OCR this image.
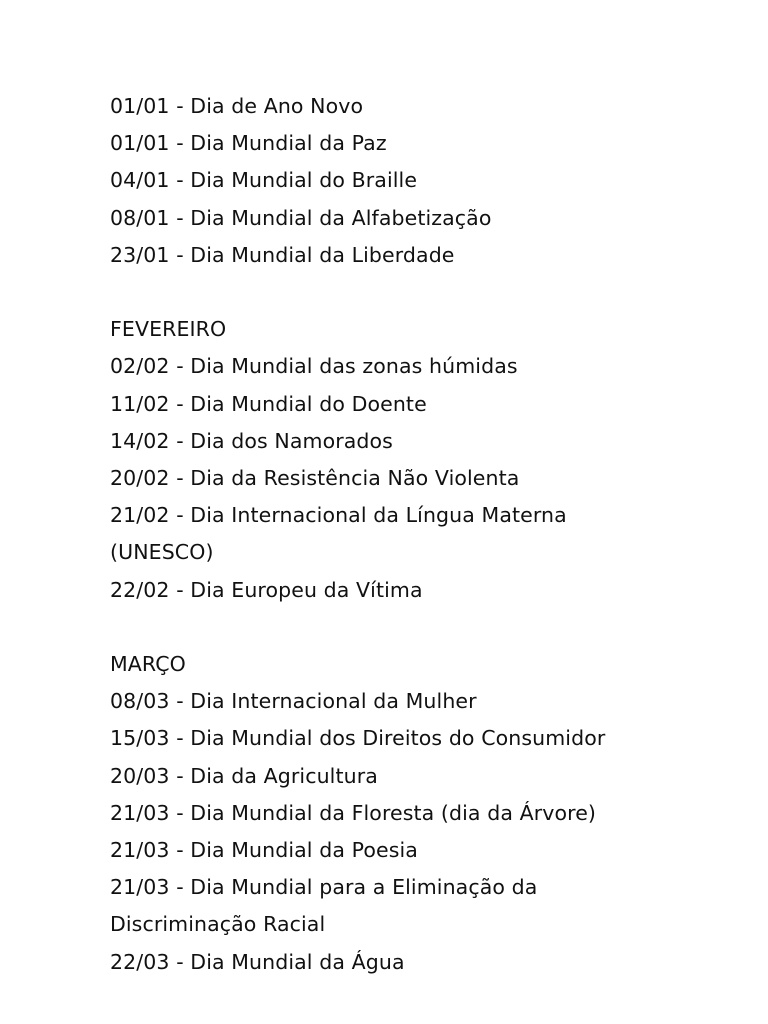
01/01 - Dia de Ano Novo
01/01 - Dia Mundial da Paz
04/01 - Dia Mundial do Braille
08/01 - Dia Mundial da Alfabetização
23/01 - Dia Mundial da Liberdade
FEVEREIRO
02/02 - Dia Mundial das zonas húmidas
11/02 - Dia Mundial do Doente
14/02 - Dia dos Namorados
20/02 - Dia da Resistência Não Violenta
21/02 - Dia Internacional da Língua Materna
(UNESCO)
22/02 - Dia Europeu da Vítima
MARÇO
08/03 - Dia Internacional da Mulher
15/03 - Dia Mundial dos Direitos do Consumidor
20/03 - Dia da Agricultura
21/03 - Dia Mundial da Floresta (dia da Árvore)
21/03 - Dia Mundial da Poesia
21/03 - Dia Mundial para a Eliminação da
Discriminação Racial
22/03 - Dia Mundial da Água
